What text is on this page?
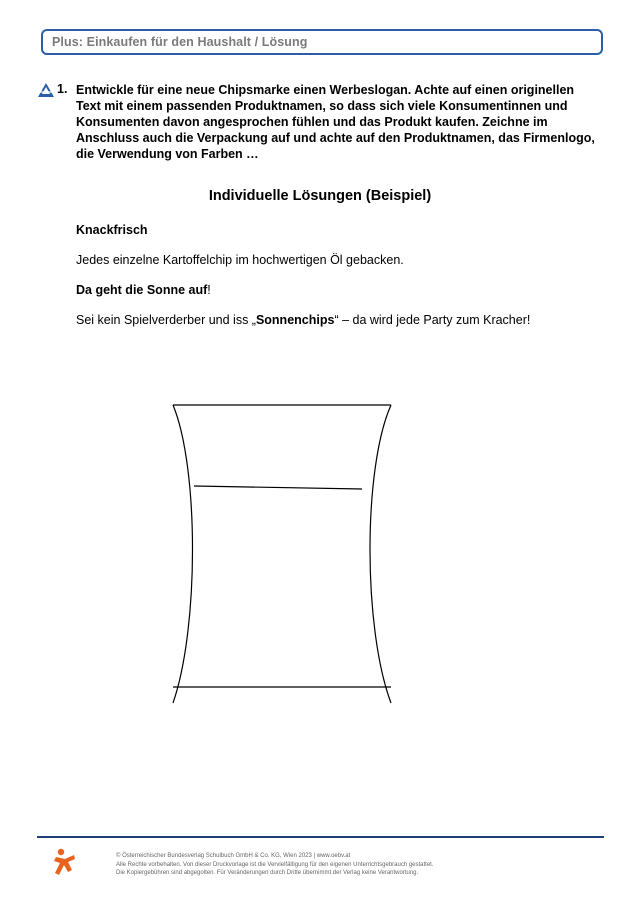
Plus: Einkaufen für den Haushalt / Lösung
1. Entwickle für eine neue Chipsmarke einen Werbeslogan. Achte auf einen originellen Text mit einem passenden Produktnamen, so dass sich viele Konsumentinnen und Konsumenten davon angesprochen fühlen und das Produkt kaufen. Zeichne im Anschluss auch die Verpackung auf und achte auf den Produktnamen, das Firmenlogo, die Verwendung von Farben …
Individuelle Lösungen (Beispiel)
Knackfrisch
Jedes einzelne Kartoffelchip im hochwertigen Öl gebacken.
Da geht die Sonne auf!
Sei kein Spielverderber und iss „Sonnenchips“ – da wird jede Party zum Kracher!
© Österreichischer Bundesverlag Schulbuch GmbH & Co. KG, Wien 2023 | www.oebv.at
Alle Rechte vorbehalten. Von dieser Druckvorlage ist die Vervielfältigung für den eigenen Unterrichtsgebrauch gestattet.
Die Kopiergebühren sind abgegolten. Für Veränderungen durch Dritte übernimmt der Verlag keine Verantwortung.
